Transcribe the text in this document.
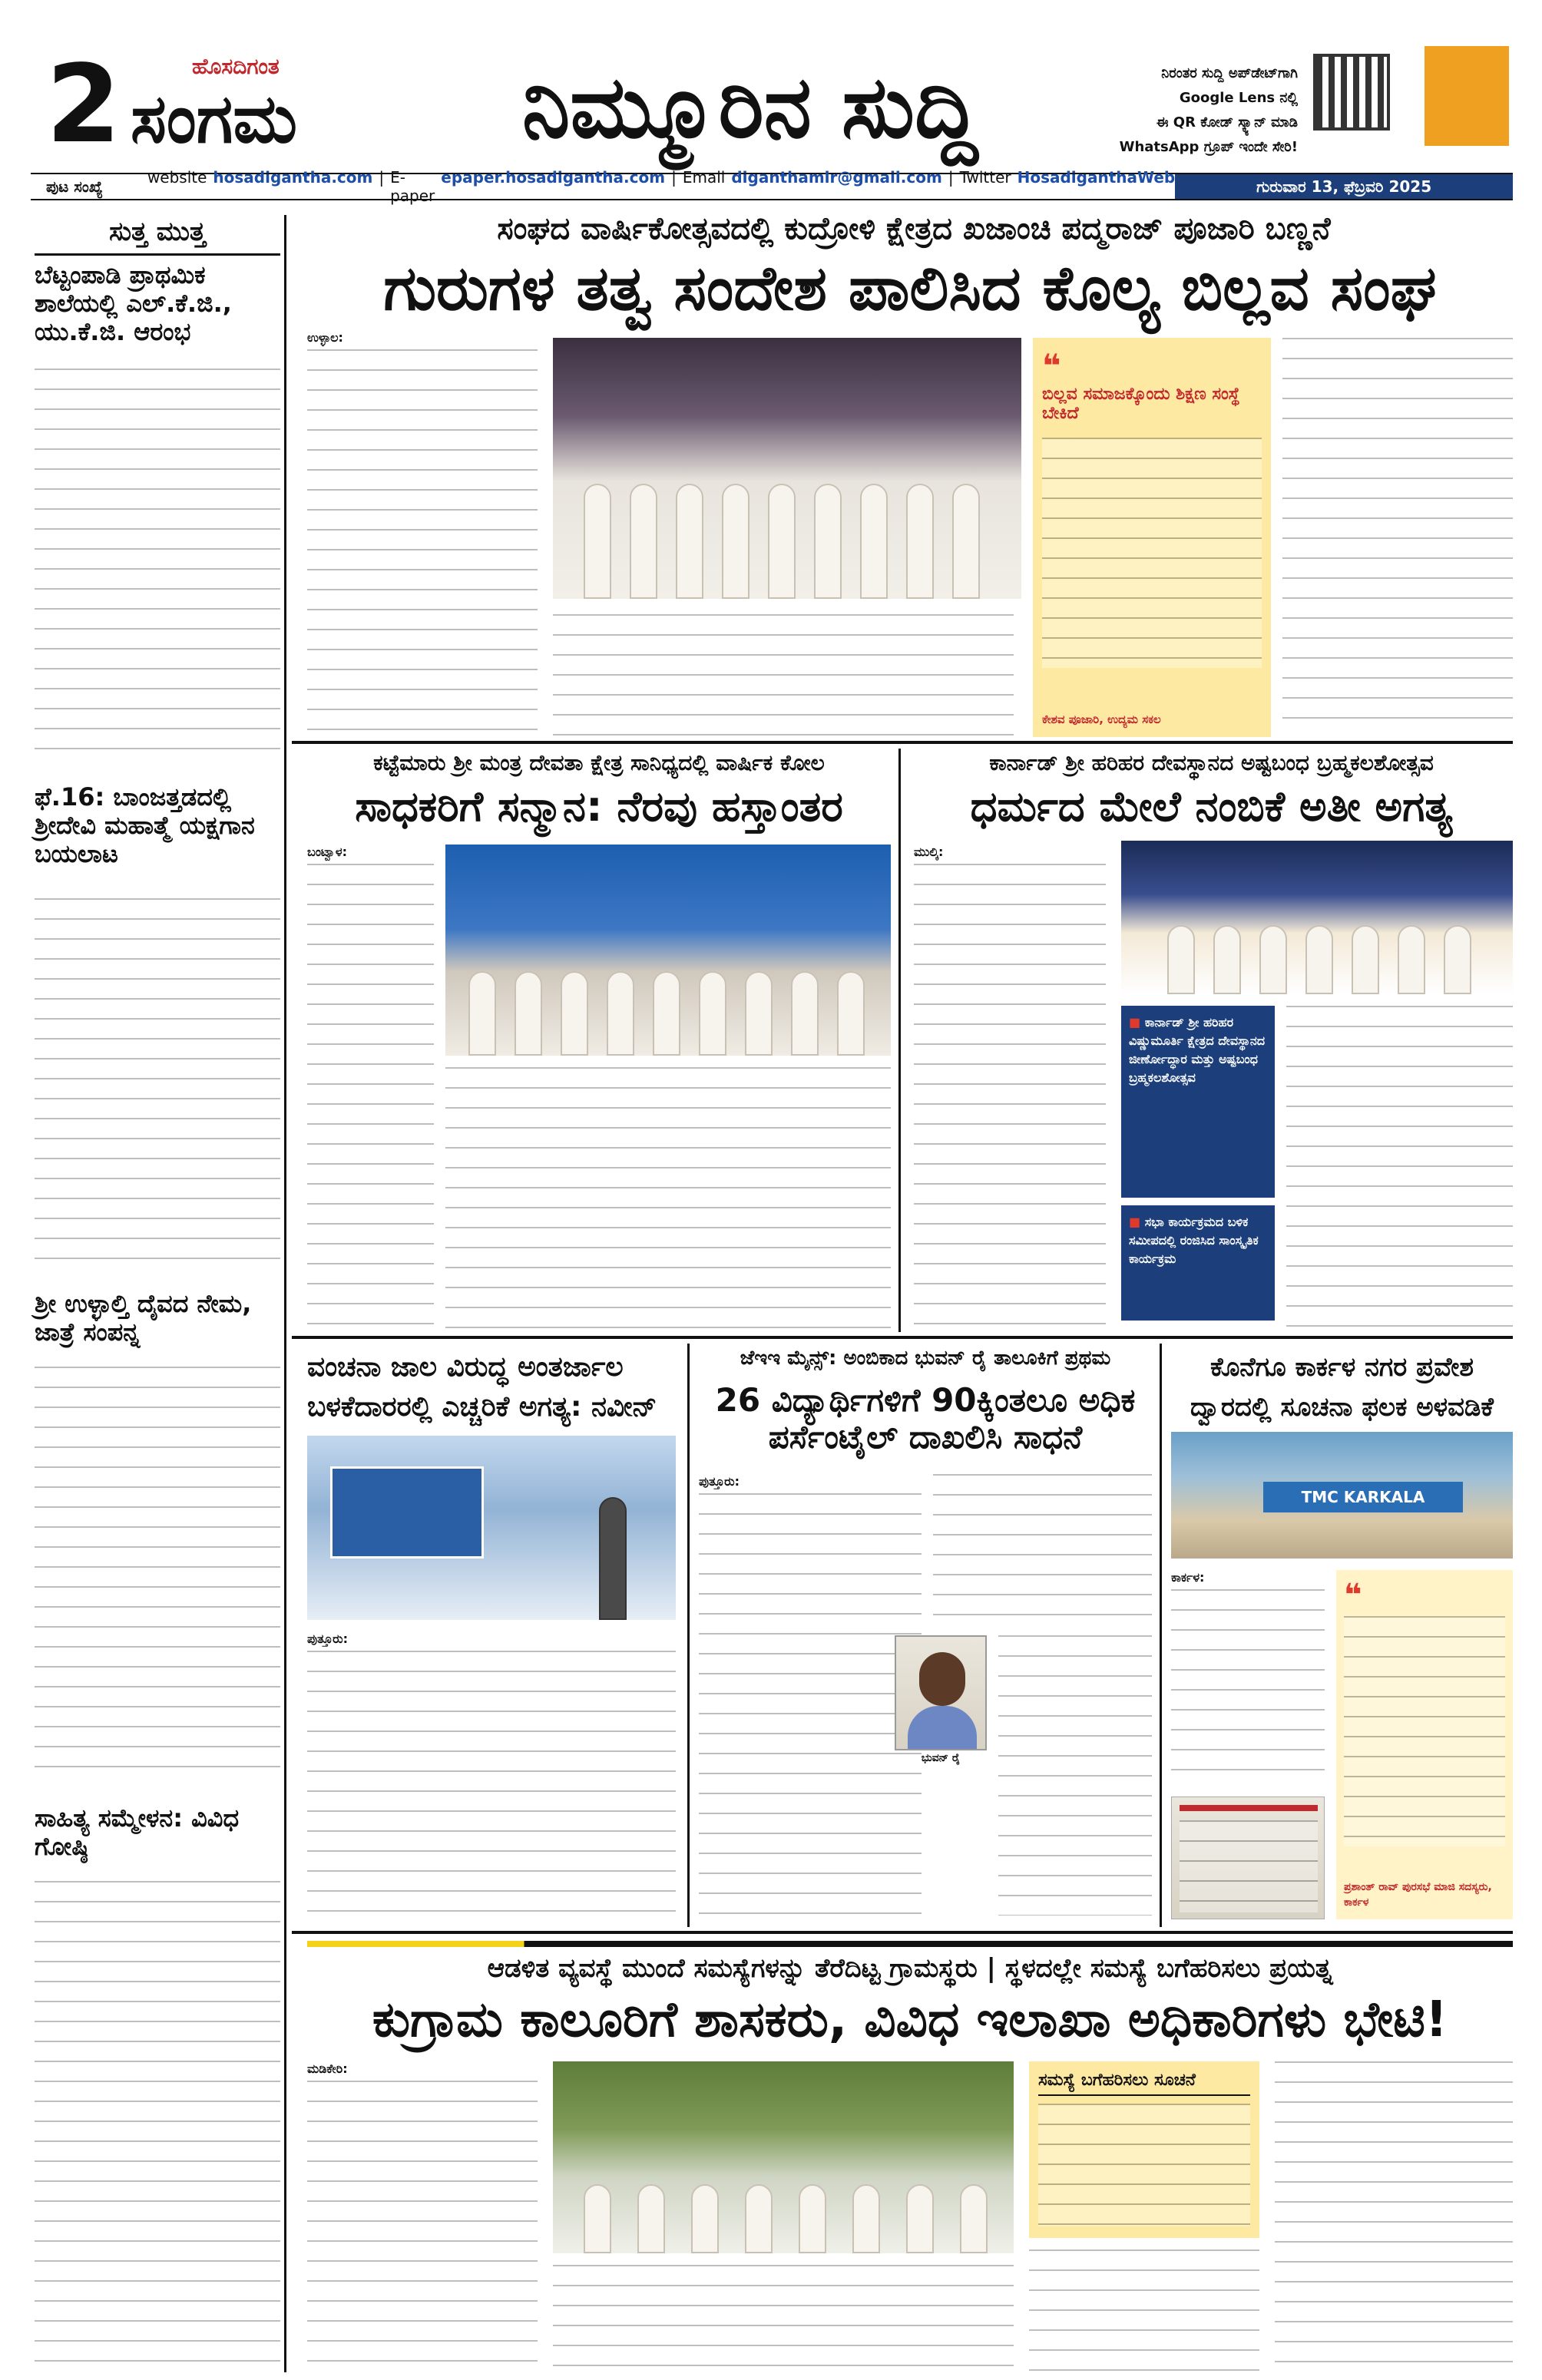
2	ಹೊಸದಿಗಂತ
ಸಂಗಮ	ನಿಮ್ಮೂರಿನ ಸುದ್ದಿ	ನಿರಂತರ ಸುದ್ದಿ ಅಪ್‌ಡೇಟ್‌ಗಾಗಿ
Google Lens ನಲ್ಲಿ
ಈ QR ಕೋಡ್ ಸ್ಕ್ಯಾನ್ ಮಾಡಿ
WhatsApp ಗ್ರೂಪ್ ಇಂದೇ ಸೇರಿ!
ಪುಟ ಸಂಖ್ಯೆ	website hosadigantha.com | E-paper
epaper.hosadigantha.com | Email diganthamlr@gmail.com | Twitter HosadiganthaWeb	ಗುರುವಾರ 13, ಫೆಬ್ರವರಿ 2025
ಸುತ್ತ ಮುತ್ತ
ಬೆಟ್ಟಂಪಾಡಿ ಪ್ರಾಥಮಿಕ ಶಾಲೆಯಲ್ಲಿ ಎಲ್.ಕೆ.ಜಿ., ಯು.ಕೆ.ಜಿ. ಆರಂಭ
ಫೆ.16: ಬಾಂಜತ್ತಡದಲ್ಲಿ ಶ್ರೀದೇವಿ ಮಹಾತ್ಮೆ ಯಕ್ಷಗಾನ ಬಯಲಾಟ
ಶ್ರೀ ಉಳ್ಳಾಲ್ತಿ ದೈವದ ನೇಮ, ಜಾತ್ರೆ ಸಂಪನ್ನ
ಸಾಹಿತ್ಯ ಸಮ್ಮೇಳನ: ವಿವಿಧ ಗೋಷ್ಠಿ
ಸಂಘದ ವಾರ್ಷಿಕೋತ್ಸವದಲ್ಲಿ ಕುದ್ರೋಳಿ ಕ್ಷೇತ್ರದ ಖಜಾಂಚಿ ಪದ್ಮರಾಜ್ ಪೂಜಾರಿ ಬಣ್ಣನೆ
ಗುರುಗಳ ತತ್ವ ಸಂದೇಶ ಪಾಲಿಸಿದ ಕೊಲ್ಯ ಬಿಲ್ಲವ ಸಂಘ
ಉಳ್ಳಾಲ:
❝
ಬಿಲ್ಲವ ಸಮಾಜಕ್ಕೊಂದು ಶಿಕ್ಷಣ ಸಂಸ್ಥೆ ಬೇಕಿದೆ
ಕೇಶವ ಪೂಜಾರಿ, ಉದ್ಯಮ ಸಕಲ
ಕಟ್ಟೆಮಾರು ಶ್ರೀ ಮಂತ್ರ ದೇವತಾ ಕ್ಷೇತ್ರ ಸಾನಿಧ್ಯದಲ್ಲಿ ವಾರ್ಷಿಕ ಕೋಲ
ಸಾಧಕರಿಗೆ ಸನ್ಮಾನ: ನೆರವು ಹಸ್ತಾಂತರ
ಬಂಟ್ವಾಳ:
ಕಾರ್ನಾಡ್ ಶ್ರೀ ಹರಿಹರ ದೇವಸ್ಥಾನದ ಅಷ್ಟಬಂಧ ಬ್ರಹ್ಮಕಲಶೋತ್ಸವ
ಧರ್ಮದ ಮೇಲೆ ನಂಬಿಕೆ ಅತೀ ಅಗತ್ಯ
ಮುಲ್ಕಿ:
■ ಕಾರ್ನಾಡ್ ಶ್ರೀ ಹರಿಹರ ವಿಷ್ಣುಮೂರ್ತಿ ಕ್ಷೇತ್ರದ ದೇವಸ್ಥಾನದ ಜೀರ್ಣೋದ್ಧಾರ ಮತ್ತು ಅಷ್ಟಬಂಧ ಬ್ರಹ್ಮಕಲಶೋತ್ಸವ
■ ಸಭಾ ಕಾರ್ಯಕ್ರಮದ ಬಳಿಕ ಸಮೀಪದಲ್ಲಿ ರಂಜಿಸಿದ ಸಾಂಸ್ಕೃತಿಕ ಕಾರ್ಯಕ್ರಮ
ವಂಚನಾ ಜಾಲ ವಿರುದ್ಧ ಅಂತರ್ಜಾಲ ಬಳಕೆದಾರರಲ್ಲಿ ಎಚ್ಚರಿಕೆ ಅಗತ್ಯ: ನವೀನ್
ಪುತ್ತೂರು:
ಜೆಇಇ ಮೈನ್ಸ್: ಅಂಬಿಕಾದ ಭುವನ್ ರೈ ತಾಲೂಕಿಗೆ ಪ್ರಥಮ
26 ವಿದ್ಯಾರ್ಥಿಗಳಿಗೆ 90ಕ್ಕಿಂತಲೂ ಅಧಿಕ ಪರ್ಸೆಂಟೈಲ್ ದಾಖಲಿಸಿ ಸಾಧನೆ
ಪುತ್ತೂರು:
ಭುವನ್ ರೈ
ಕೊನೆಗೂ ಕಾರ್ಕಳ ನಗರ ಪ್ರವೇಶ ದ್ವಾರದಲ್ಲಿ ಸೂಚನಾ ಫಲಕ ಅಳವಡಿಕೆ
TMC KARKALA
ಕಾರ್ಕಳ:
❝
ಪ್ರಶಾಂತ್ ರಾವ್ ಪುರಸಭೆ ಮಾಜಿ ಸದಸ್ಯರು, ಕಾರ್ಕಳ
ಆಡಳಿತ ವ್ಯವಸ್ಥೆ ಮುಂದೆ ಸಮಸ್ಯೆಗಳನ್ನು ತೆರೆದಿಟ್ಟ ಗ್ರಾಮಸ್ಥರು | ಸ್ಥಳದಲ್ಲೇ ಸಮಸ್ಯೆ ಬಗೆಹರಿಸಲು ಪ್ರಯತ್ನ
ಕುಗ್ರಾಮ ಕಾಲೂರಿಗೆ ಶಾಸಕರು, ವಿವಿಧ ಇಲಾಖಾ ಅಧಿಕಾರಿಗಳು ಭೇಟಿ!
ಮಡಿಕೇರಿ:
ಸಮಸ್ಯೆ ಬಗೆಹರಿಸಲು ಸೂಚನೆ
